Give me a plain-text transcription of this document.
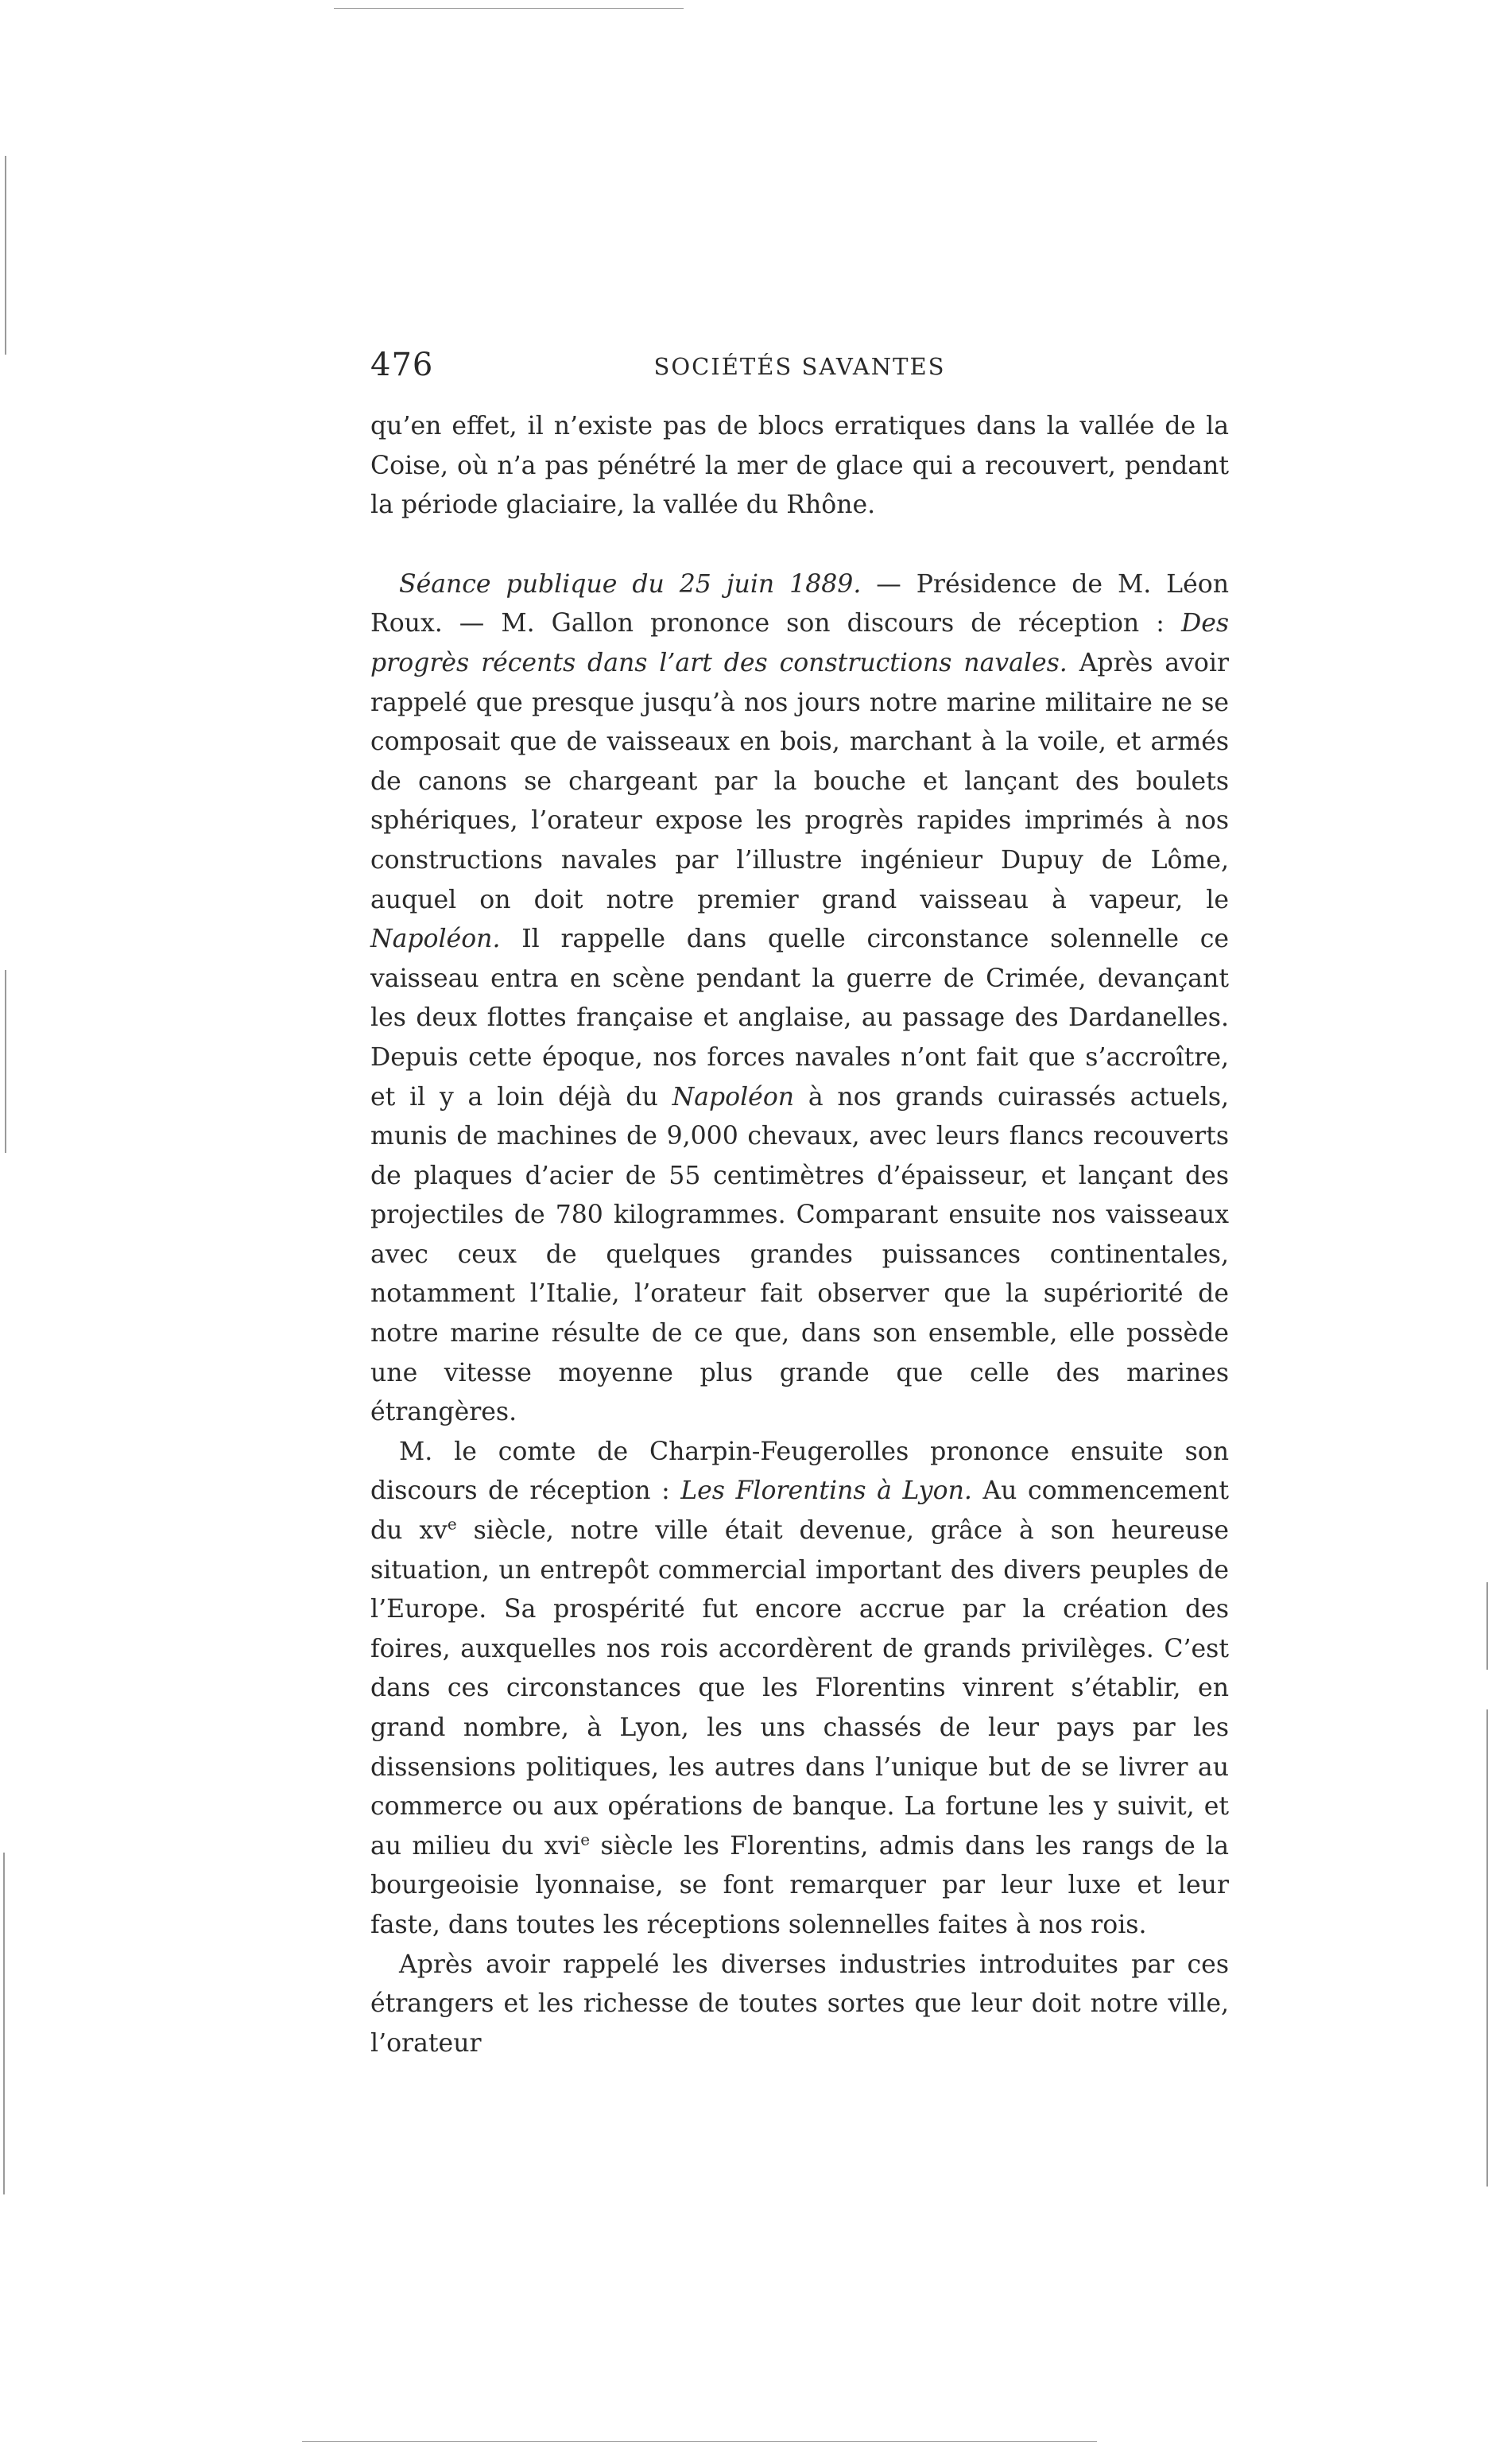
476	SOCIÉTÉS SAVANTES

qu’en effet, il n’existe pas de blocs erratiques dans la vallée de la Coise, où n’a pas pénétré la mer de glace qui a recouvert, pendant la période glaciaire, la vallée du Rhône.

Séance publique du 25 juin 1889. — Présidence de M. Léon Roux. — M. Gallon prononce son discours de réception : Des progrès récents dans l’art des constructions navales. Après avoir rappelé que presque jusqu’à nos jours notre marine militaire ne se composait que de vaisseaux en bois, marchant à la voile, et armés de canons se chargeant par la bouche et lançant des boulets sphériques, l’orateur expose les progrès rapides imprimés à nos constructions navales par l’illustre ingénieur Dupuy de Lôme, auquel on doit notre premier grand vaisseau à vapeur, le Napoléon. Il rappelle dans quelle circonstance solennelle ce vaisseau entra en scène pendant la guerre de Crimée, devançant les deux flottes française et anglaise, au passage des Dardanelles. Depuis cette époque, nos forces navales n’ont fait que s’accroître, et il y a loin déjà du Napoléon à nos grands cuirassés actuels, munis de machines de 9,000 chevaux, avec leurs flancs recouverts de plaques d’acier de 55 centimètres d’épaisseur, et lançant des projectiles de 780 kilogrammes. Comparant ensuite nos vaisseaux avec ceux de quelques grandes puissances continentales, notamment l’Italie, l’orateur fait observer que la supériorité de notre marine résulte de ce que, dans son ensemble, elle possède une vitesse moyenne plus grande que celle des marines étrangères.

M. le comte de Charpin-Feugerolles prononce ensuite son discours de réception : Les Florentins à Lyon. Au commencement du $xv^e$ siècle, notre ville était devenue, grâce à son heureuse situation, un entrepôt commercial important des divers peuples de l’Europe. Sa prospérité fut encore accrue par la création des foires, auxquelles nos rois accordèrent de grands privilèges. C’est dans ces circonstances que les Florentins vinrent s’établir, en grand nombre, à Lyon, les uns chassés de leur pays par les dissensions politiques, les autres dans l’unique but de se livrer au commerce ou aux opérations de banque. La fortune les y suivit, et au milieu du xvi$^e$ siècle les Florentins, admis dans les rangs de la bourgeoisie lyonnaise, se font remarquer par leur luxe et leur faste, dans toutes les réceptions solennelles faites à nos rois.

Après avoir rappelé les diverses industries introduites par ces étrangers et les richesse de toutes sortes que leur doit notre ville, l’orateur
